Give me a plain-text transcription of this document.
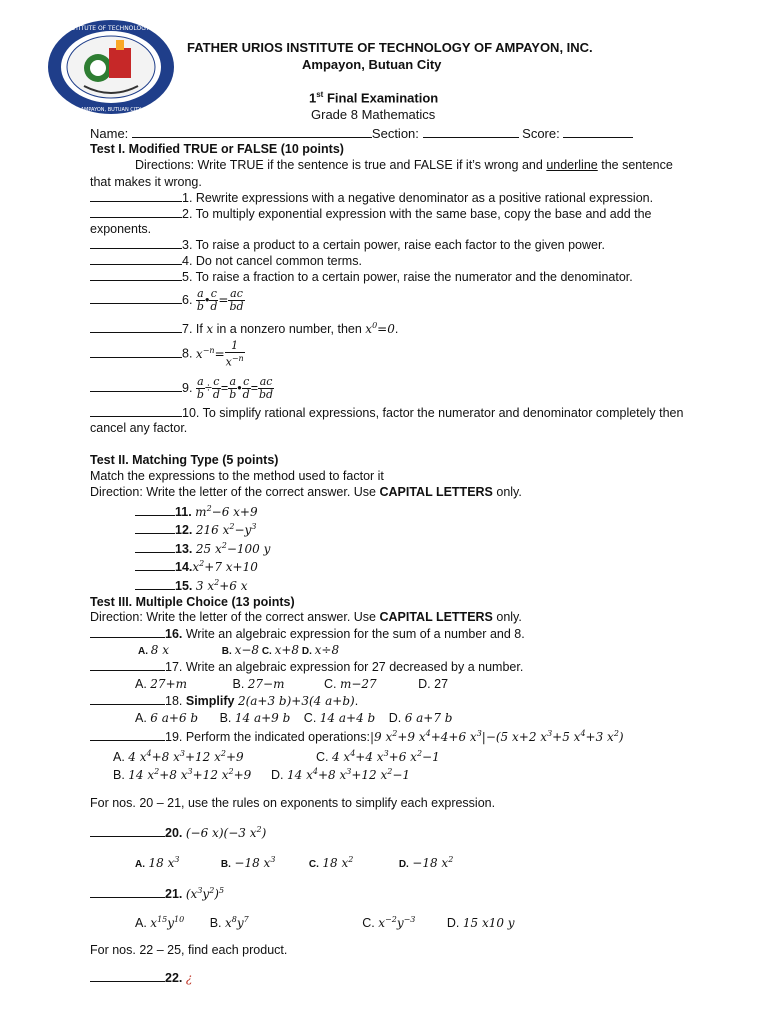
FATHER URIOS INSTITUTE OF TECHNOLOGY OF AMPAYON INC
AMPAYON, BUTUAN CITY
FATHER URIOS INSTITUTE OF TECHNOLOGY OF AMPAYON, INC.
Ampayon, Butuan City
1st Final Examination
Grade 8 Mathematics
Name:	Section:	Score:
Test I. Modified TRUE or FALSE (10 points)
Directions: Write TRUE if the sentence is true and FALSE if it’s wrong and underline the sentence
that makes it wrong.
1. Rewrite expressions with a negative denominator as a positive rational expression.
2. To multiply exponential expression with the same base, copy the base and add the
exponents.
3. To raise a product to a certain power, raise each factor to the given power.
4. Do not cancel common terms.
5. To raise a fraction to a certain power, raise the numerator and the denominator.
6. $\frac{a}{b}$ • $\frac{c}{d} = \frac{ac}{bd}$
7. If x in a nonzero number, then $x^0=0$.
8. $x^{-n}= \frac{1}{x^{-n}}$
9. $\frac{a}{b} \div \frac{c}{d} = \frac{a}{b}$ • $\frac{c}{d} = \frac{ac}{bd}$
10. To simplify rational expressions, factor the numerator and denominator completely then
cancel any factor.
Test II. Matching Type (5 points)
Match the expressions to the method used to factor it
Direction: Write the letter of the correct answer. Use CAPITAL LETTERS only.
11. $m^2-6$ x+9
12. 216 $x^2-y^3$
13. 25 $x^2-100$ y
$14.x^2+7$ x+10
15. 3 $x^2+6$ x
Test III. Multiple Choice (13 points)
Direction: Write the letter of the correct answer. Use CAPITAL LETTERS only.
16. Write an algebraic expression for the sum of a number and 8.
A. 8 x	B. x−8 C. x+8 D. x÷8
17. Write an algebraic expression for 27 decreased by a number.
A. 27+m	B. 27−m	C. m−27	D. 27
18. Simplify 2(a+3 b)+3(4 a+b).
A. 6 a+6 b B. 14 a+9 b C. 14 a+4 b D. 6 a+7 b
19. Perform the indicated operations:|9 $x^2+9$ $x^4+4+6$ $x^3|-(5$ x+2 $x^3+5$ $x^4+3$ $x^2$)
A. 4 $x^4+8$ $x^3+12$ $x^2+9$	C. 4 $x^4+4$ $x^3+6$ $x^2-1$
B. 14 $x^2+8$ $x^3+12$ $x^2+9$ D. 14 $x^4+8$ $x^3+12$ $x^2-1$
For nos. 20 – 21, use the rules on exponents to simplify each expression.
20. (−6 x)(−3 $x^2$)
A. 18 $x^3$	B. −18 $x^3$	C. 18 $x^2$	D. −18 $x^2$
21. $(x^3y^2)^5$
A. $x^{15}y^{10}$ B. $x^8y^7$	C. $x^{-2}y^{-3}$	D. 15 x10 y
For nos. 22 – 25, find each product.
22. ¿
